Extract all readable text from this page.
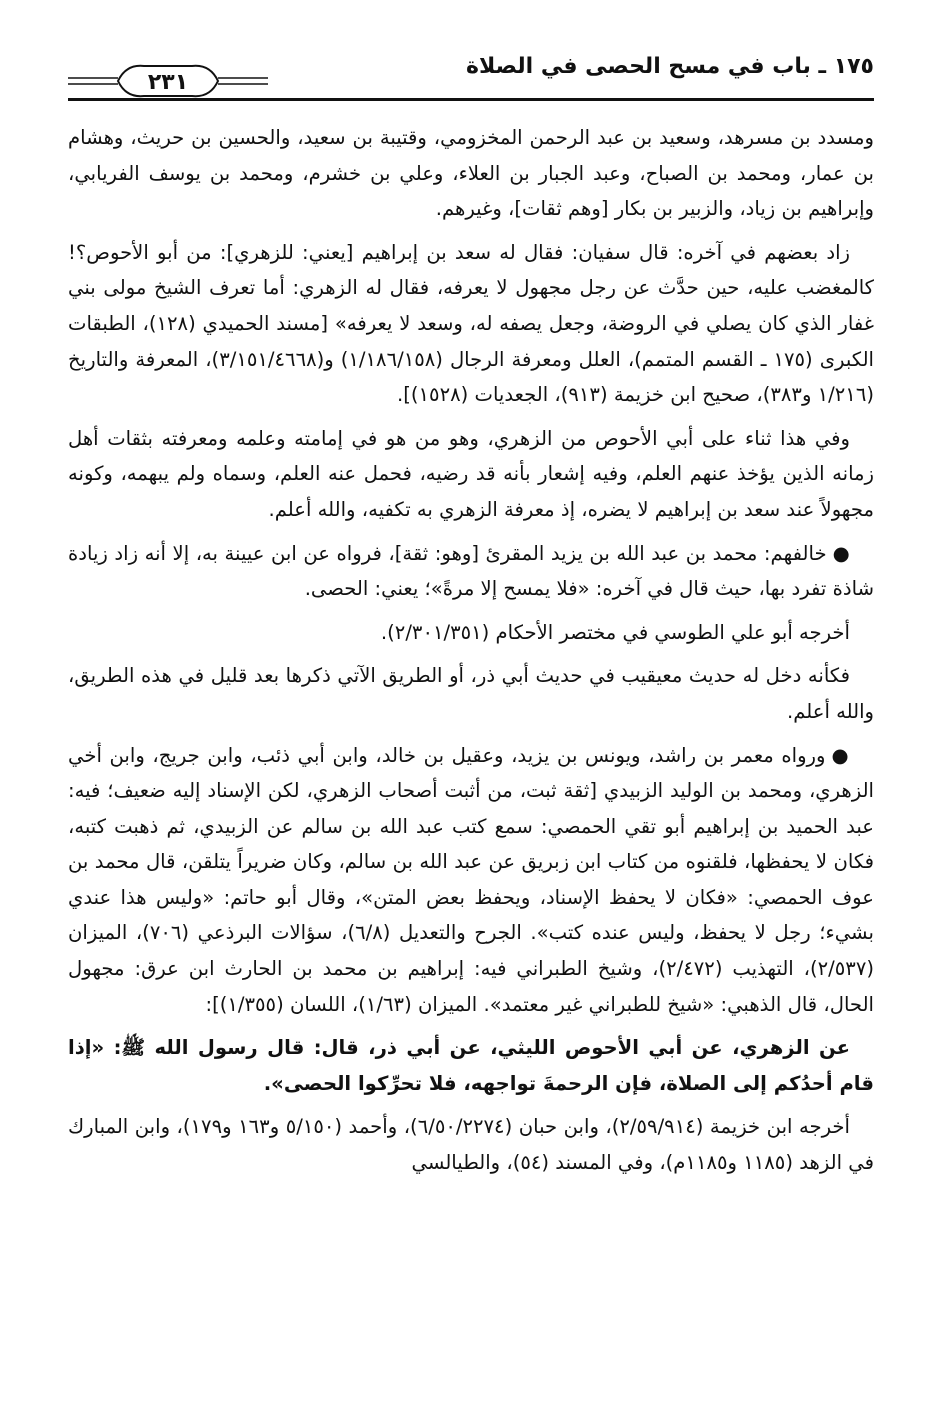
١٧٥ ـ باب في مسح الحصى في الصلاة
٢٣١

ومسدد بن مسرهد، وسعيد بن عبد الرحمن المخزومي، وقتيبة بن سعيد، والحسين بن حريث، وهشام بن عمار، ومحمد بن الصباح، وعبد الجبار بن العلاء، وعلي بن خشرم، ومحمد بن يوسف الفريابي، وإبراهيم بن زياد، والزبير بن بكار [وهم ثقات]، وغيرهم.

زاد بعضهم في آخره: قال سفيان: فقال له سعد بن إبراهيم [يعني: للزهري]: من أبو الأحوص؟! كالمغضب عليه، حين حدَّث عن رجل مجهول لا يعرفه، فقال له الزهري: أما تعرف الشيخ مولى بني غفار الذي كان يصلي في الروضة، وجعل يصفه له، وسعد لا يعرفه» [مسند الحميدي (١٢٨)، الطبقات الكبرى (١٧٥ ـ القسم المتمم)، العلل ومعرفة الرجال (١/١٨٦/١٥٨) و(٣/١٥١/٤٦٦٨)، المعرفة والتاريخ (١/٢١٦ و٣٨٣)، صحيح ابن خزيمة (٩١٣)، الجعديات (١٥٢٨)].

وفي هذا ثناء على أبي الأحوص من الزهري، وهو من هو في إمامته وعلمه ومعرفته بثقات أهل زمانه الذين يؤخذ عنهم العلم، وفيه إشعار بأنه قد رضيه، فحمل عنه العلم، وسماه ولم يبهمه، وكونه مجهولاً عند سعد بن إبراهيم لا يضره، إذ معرفة الزهري به تكفيه، والله أعلم.

●خالفهم: محمد بن عبد الله بن يزيد المقرئ [وهو: ثقة]، فرواه عن ابن عيينة به، إلا أنه زاد زيادة شاذة تفرد بها، حيث قال في آخره: «فلا يمسح إلا مرةً»؛ يعني: الحصى.

أخرجه أبو علي الطوسي في مختصر الأحكام (٢/٣٠١/٣٥١).

فكأنه دخل له حديث معيقيب في حديث أبي ذر، أو الطريق الآتي ذكرها بعد قليل في هذه الطريق، والله أعلم.

●ورواه معمر بن راشد، ويونس بن يزيد، وعقيل بن خالد، وابن أبي ذئب، وابن جريج، وابن أخي الزهري، ومحمد بن الوليد الزبيدي [ثقة ثبت، من أثبت أصحاب الزهري، لكن الإسناد إليه ضعيف؛ فيه: عبد الحميد بن إبراهيم أبو تقي الحمصي: سمع كتب عبد الله بن سالم عن الزبيدي، ثم ذهبت كتبه، فكان لا يحفظها، فلقنوه من كتاب ابن زبريق عن عبد الله بن سالم، وكان ضريراً يتلقن، قال محمد بن عوف الحمصي: «فكان لا يحفظ الإسناد، ويحفظ بعض المتن»، وقال أبو حاتم: «وليس هذا عندي بشيء؛ رجل لا يحفظ، وليس عنده كتب». الجرح والتعديل (٦/٨)، سؤالات البرذعي (٧٠٦)، الميزان (٢/٥٣٧)، التهذيب (٢/٤٧٢)، وشيخ الطبراني فيه: إبراهيم بن محمد بن الحارث ابن عرق: مجهول الحال، قال الذهبي: «شيخ للطبراني غير معتمد». الميزان (١/٦٣)، اللسان (١/٣٥٥)]:

عن الزهري، عن أبي الأحوص الليثي، عن أبي ذر، قال: قال رسول الله ﷺ: «إذا قام أحدُكم إلى الصلاة، فإن الرحمةَ تواجهه، فلا تحرِّكوا الحصى».

أخرجه ابن خزيمة (٢/٥٩/٩١٤)، وابن حبان (٦/٥٠/٢٢٧٤)، وأحمد (٥/١٥٠ و١٦٣ و١٧٩)، وابن المبارك في الزهد (١١٨٥ و١١٨٥م)، وفي المسند (٥٤)، والطيالسي
